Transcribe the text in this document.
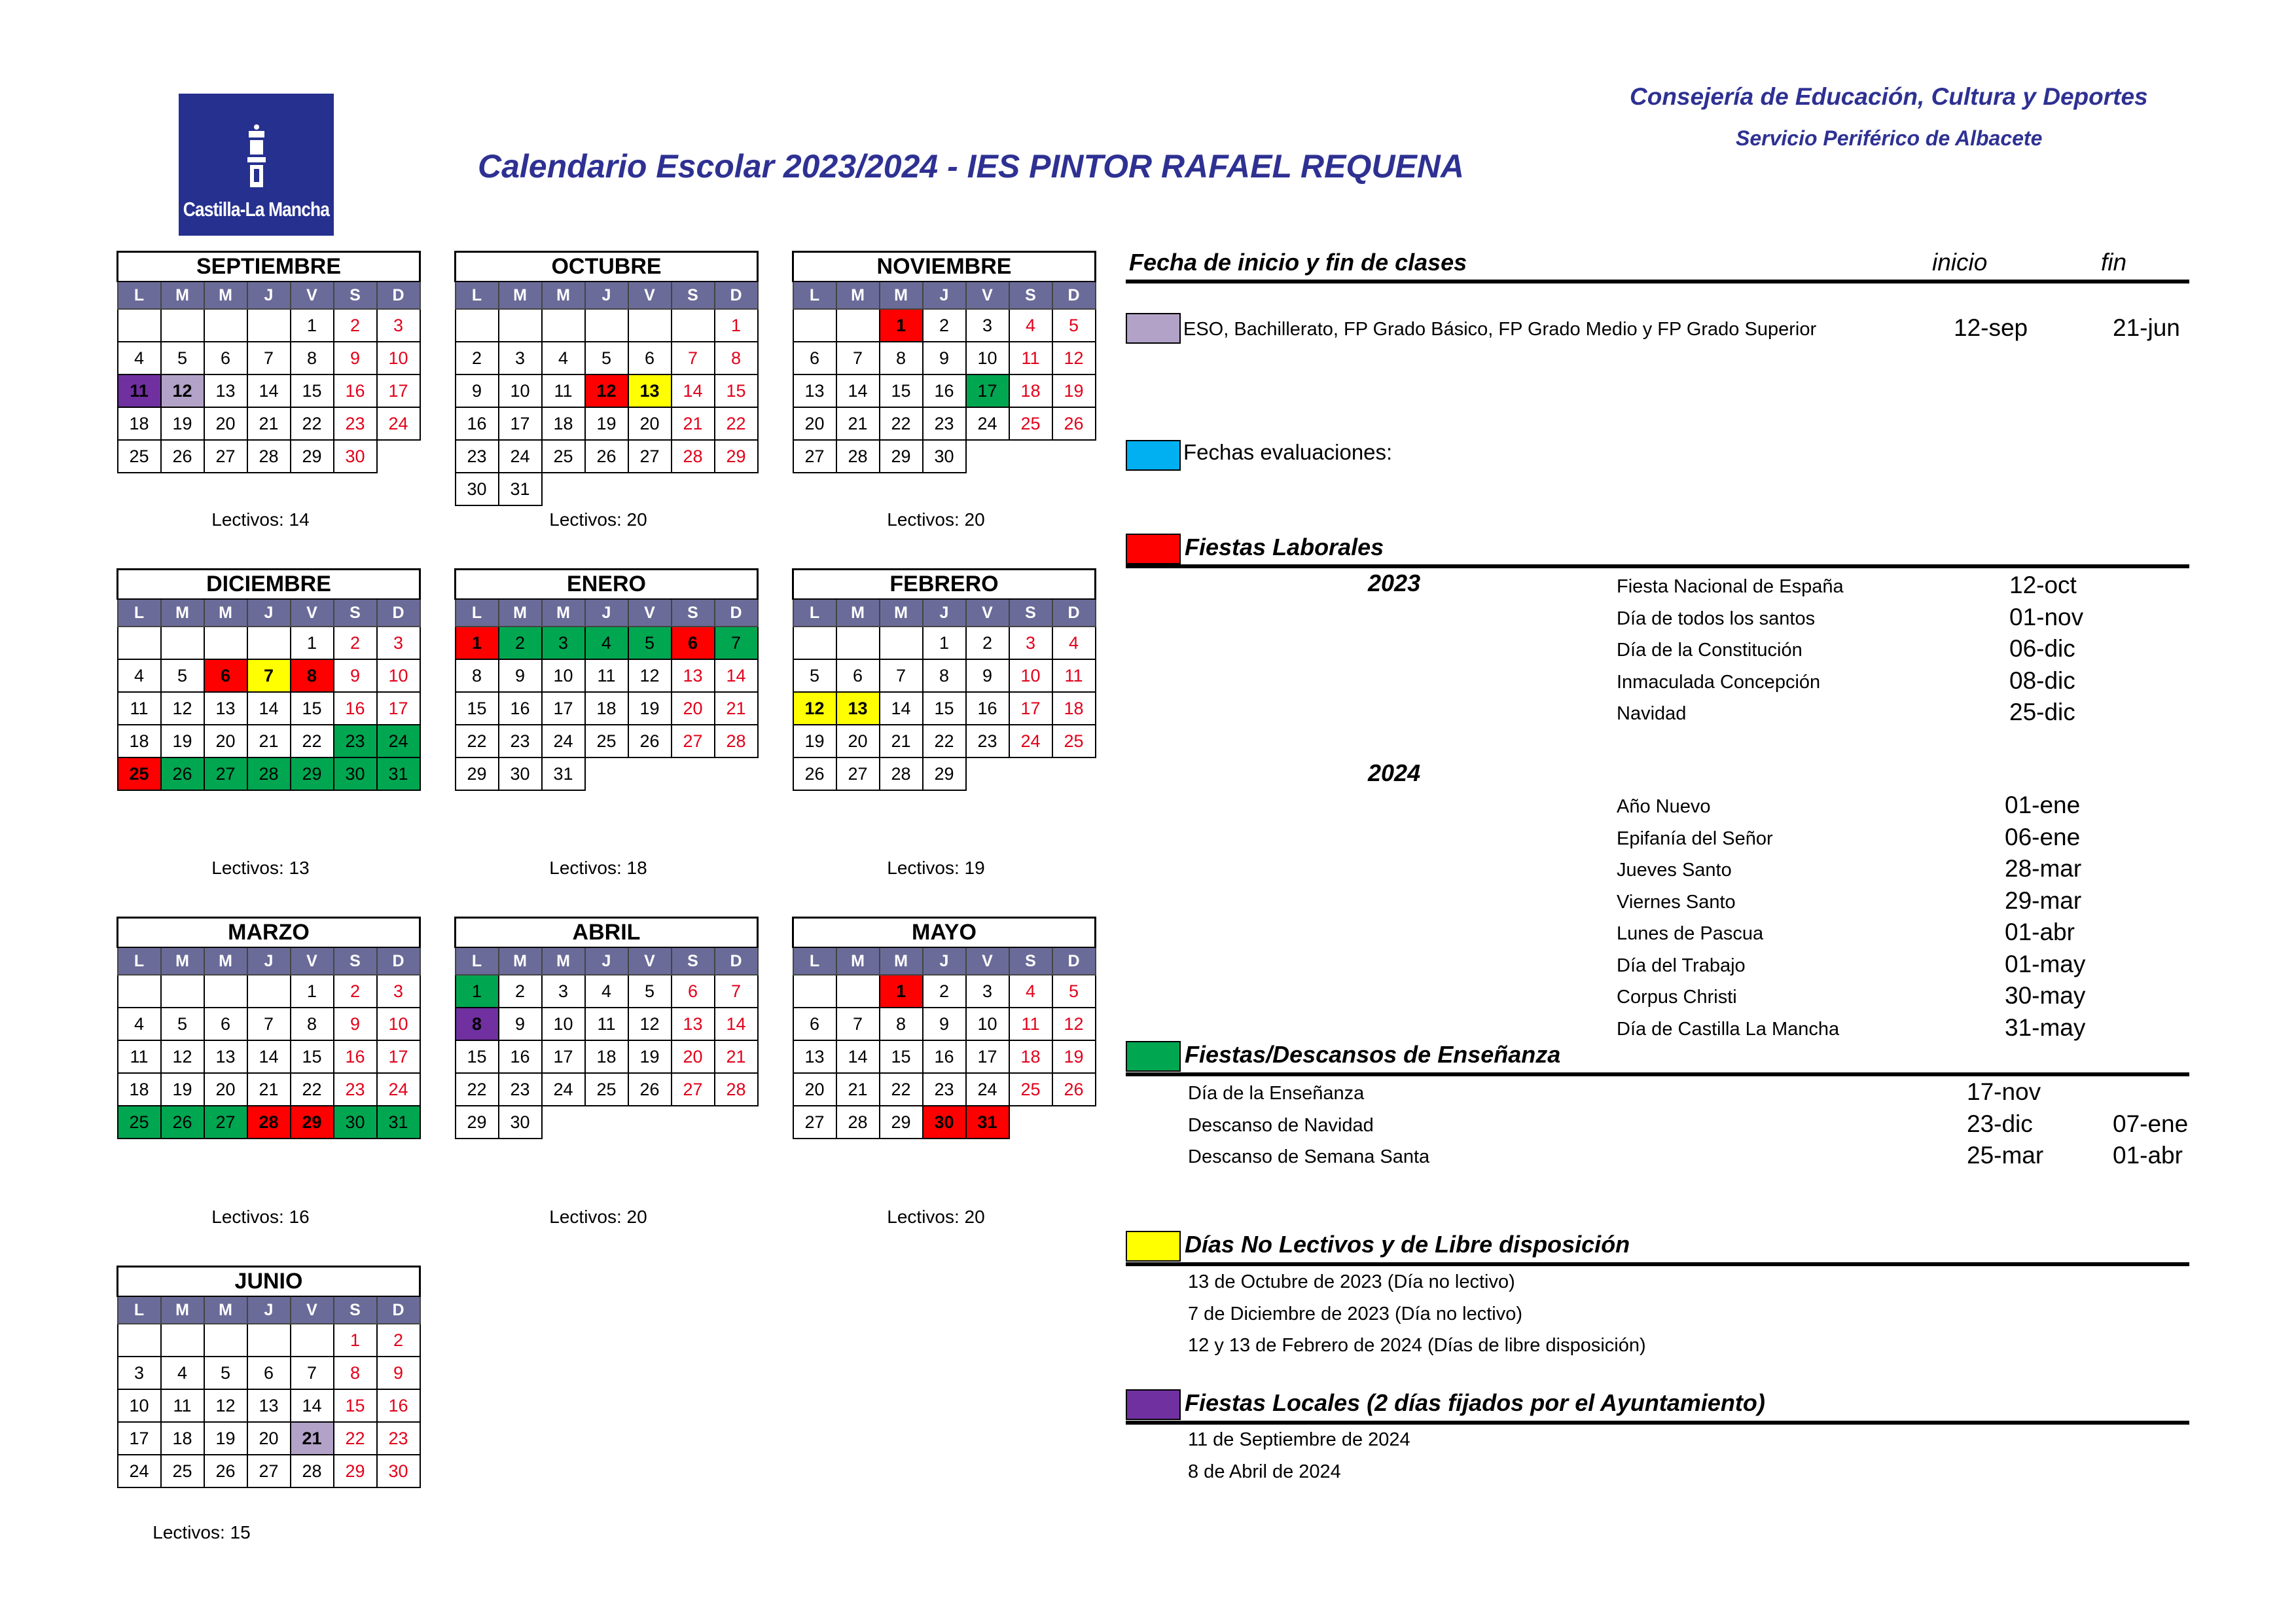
Castilla-La Mancha
Calendario Escolar 2023/2024 - IES PINTOR RAFAEL REQUENA
Consejería de Educación, Cultura y Deportes
Servicio Periférico de Albacete
SEPTIEMBRE						
L	M	M	J	V	S	D
				1	2	3
4	5	6	7	8	9	10
11	12	13	14	15	16	17
18	19	20	21	22	23	24
25	26	27	28	29	30	
Lectivos: 14
OCTUBRE						
L	M	M	J	V	S	D
						1
2	3	4	5	6	7	8
9	10	11	12	13	14	15
16	17	18	19	20	21	22
23	24	25	26	27	28	29
30	31					
Lectivos: 20
NOVIEMBRE						
L	M	M	J	V	S	D
		1	2	3	4	5
6	7	8	9	10	11	12
13	14	15	16	17	18	19
20	21	22	23	24	25	26
27	28	29	30			
Lectivos: 20
DICIEMBRE						
L	M	M	J	V	S	D
				1	2	3
4	5	6	7	8	9	10
11	12	13	14	15	16	17
18	19	20	21	22	23	24
25	26	27	28	29	30	31
Lectivos: 13
ENERO						
L	M	M	J	V	S	D
1	2	3	4	5	6	7
8	9	10	11	12	13	14
15	16	17	18	19	20	21
22	23	24	25	26	27	28
29	30	31				
Lectivos: 18
FEBRERO						
L	M	M	J	V	S	D
			1	2	3	4
5	6	7	8	9	10	11
12	13	14	15	16	17	18
19	20	21	22	23	24	25
26	27	28	29			
Lectivos: 19
MARZO						
L	M	M	J	V	S	D
				1	2	3
4	5	6	7	8	9	10
11	12	13	14	15	16	17
18	19	20	21	22	23	24
25	26	27	28	29	30	31
Lectivos: 16
ABRIL						
L	M	M	J	V	S	D
1	2	3	4	5	6	7
8	9	10	11	12	13	14
15	16	17	18	19	20	21
22	23	24	25	26	27	28
29	30					
Lectivos: 20
MAYO						
L	M	M	J	V	S	D
		1	2	3	4	5
6	7	8	9	10	11	12
13	14	15	16	17	18	19
20	21	22	23	24	25	26
27	28	29	30	31		
Lectivos: 20
JUNIO						
L	M	M	J	V	S	D
					1	2
3	4	5	6	7	8	9
10	11	12	13	14	15	16
17	18	19	20	21	22	23
24	25	26	27	28	29	30
Lectivos: 15
Fecha de inicio y fin de clases	inicio	fin
ESO, Bachillerato, FP Grado Básico, FP Grado Medio y FP Grado Superior	12-sep	21-jun
Fechas evaluaciones:
Fiestas Laborales
2023
2024
Fiesta Nacional de España	12-oct
Día de todos los santos	01-nov
Día de la Constitución	06-dic
Inmaculada Concepción	08-dic
Navidad	25-dic
Año Nuevo	01-ene
Epifanía del Señor	06-ene
Jueves Santo	28-mar
Viernes Santo	29-mar
Lunes de Pascua	01-abr
Día del Trabajo	01-may
Corpus Christi	30-may
Día de Castilla La Mancha	31-may
Fiestas/Descansos de Enseñanza
Día de la Enseñanza	17-nov
Descanso de Navidad	23-dic	07-ene
Descanso de Semana Santa	25-mar	01-abr
Días No Lectivos y de Libre disposición
13 de Octubre de 2023 (Día no lectivo)
7 de Diciembre de 2023 (Día no lectivo)
12 y 13 de Febrero de 2024 (Días de libre disposición)
Fiestas Locales (2 días fijados por el Ayuntamiento)
11 de Septiembre de 2024
8 de Abril de 2024
